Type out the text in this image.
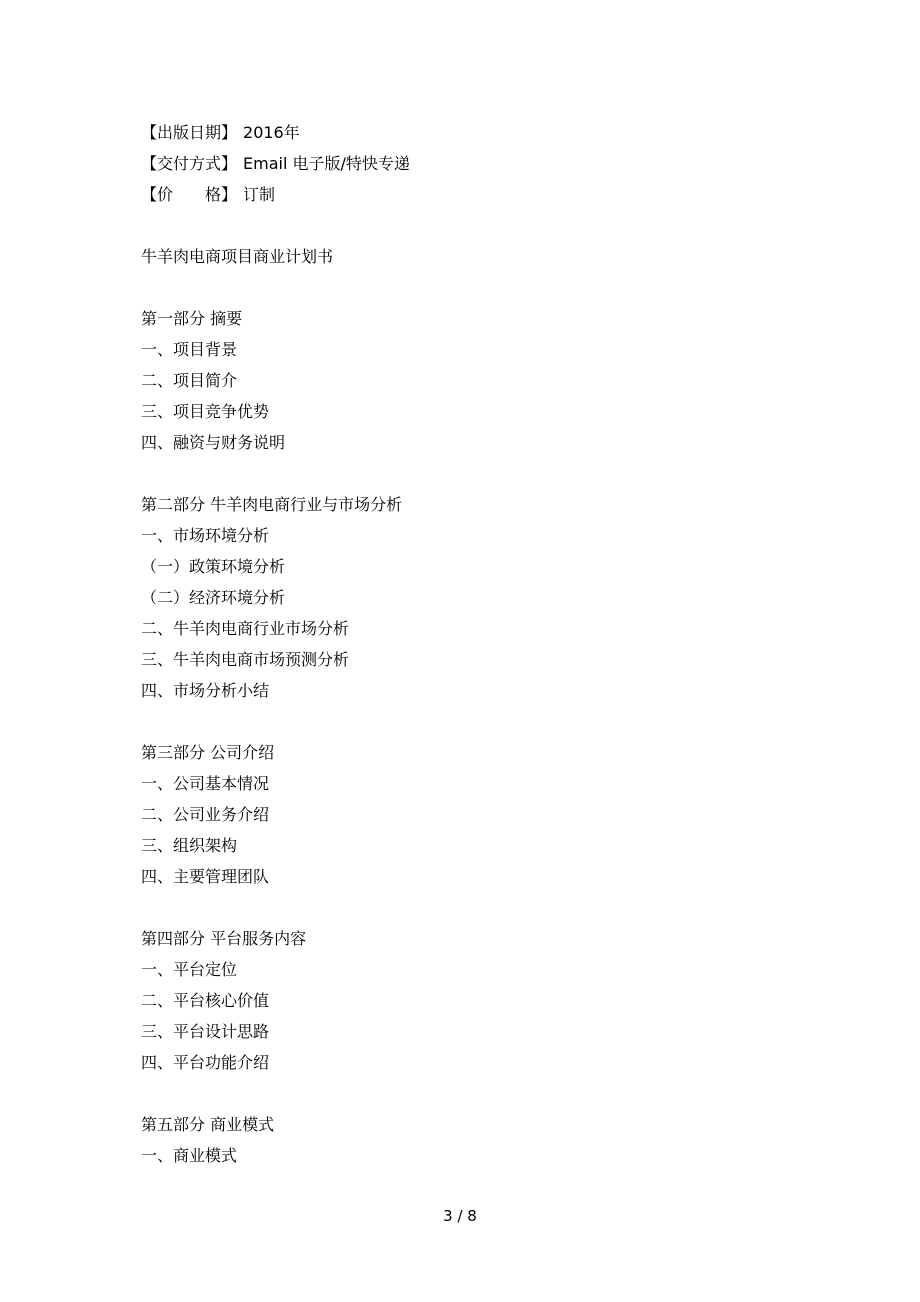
【出版日期】 2016年
【交付方式】 Email 电子版/特快专递
【价　　格】 订制
牛羊肉电商项目商业计划书
第一部分 摘要
一、项目背景
二、项目简介
三、项目竞争优势
四、融资与财务说明
第二部分 牛羊肉电商行业与市场分析
一、市场环境分析
（一）政策环境分析
（二）经济环境分析
二、牛羊肉电商行业市场分析
三、牛羊肉电商市场预测分析
四、市场分析小结
第三部分 公司介绍
一、公司基本情况
二、公司业务介绍
三、组织架构
四、主要管理团队
第四部分 平台服务内容
一、平台定位
二、平台核心价值
三、平台设计思路
四、平台功能介绍
第五部分 商业模式
一、商业模式
3 / 8
